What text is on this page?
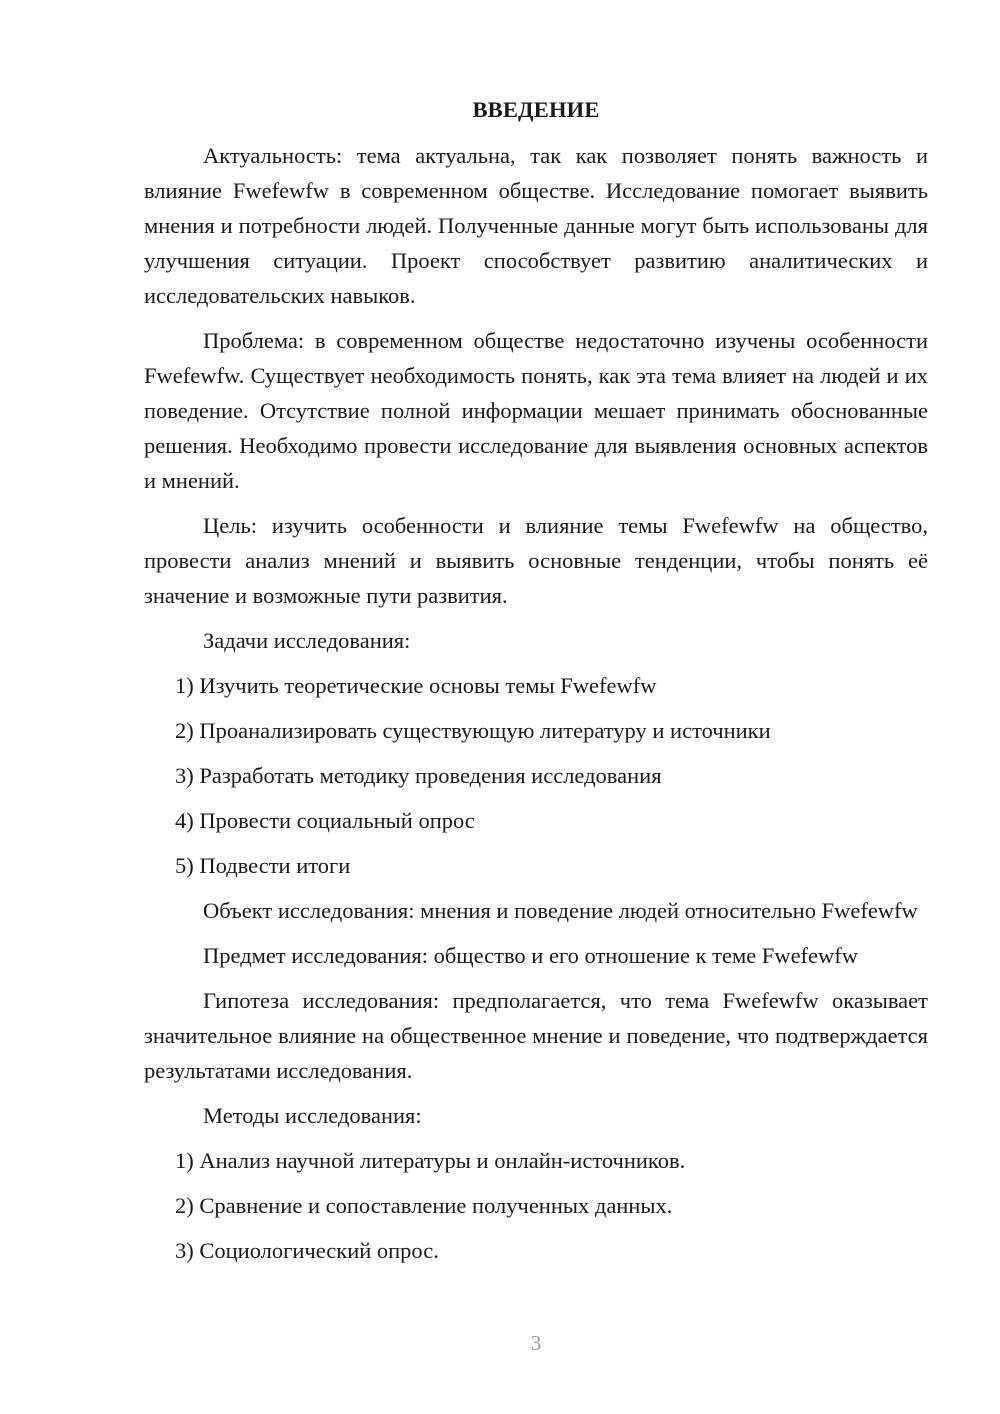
ВВЕДЕНИЕ

Актуальность: тема актуальна, так как позволяет понять важность и влияние Fwefewfw в современном обществе. Исследование помогает выявить мнения и потребности людей. Полученные данные могут быть использованы для улучшения ситуации. Проект способствует развитию аналитических и исследовательских навыков.

Проблема: в современном обществе недостаточно изучены особенности Fwefewfw. Существует необходимость понять, как эта тема влияет на людей и их поведение. Отсутствие полной информации мешает принимать обоснованные решения. Необходимо провести исследование для выявления основных аспектов и мнений.

Цель: изучить особенности и влияние темы Fwefewfw на общество, провести анализ мнений и выявить основные тенденции, чтобы понять её значение и возможные пути развития.

Задачи исследования:

1) Изучить теоретические основы темы Fwefewfw

2) Проанализировать существующую литературу и источники

3) Разработать методику проведения исследования

4) Провести социальный опрос

5) Подвести итоги

Объект исследования: мнения и поведение людей относительно Fwefewfw

Предмет исследования: общество и его отношение к теме Fwefewfw

Гипотеза исследования: предполагается, что тема Fwefewfw оказывает значительное влияние на общественное мнение и поведение, что подтверждается результатами исследования.

Методы исследования:

1) Анализ научной литературы и онлайн-источников.

2) Сравнение и сопоставление полученных данных.

3) Социологический опрос.

3
